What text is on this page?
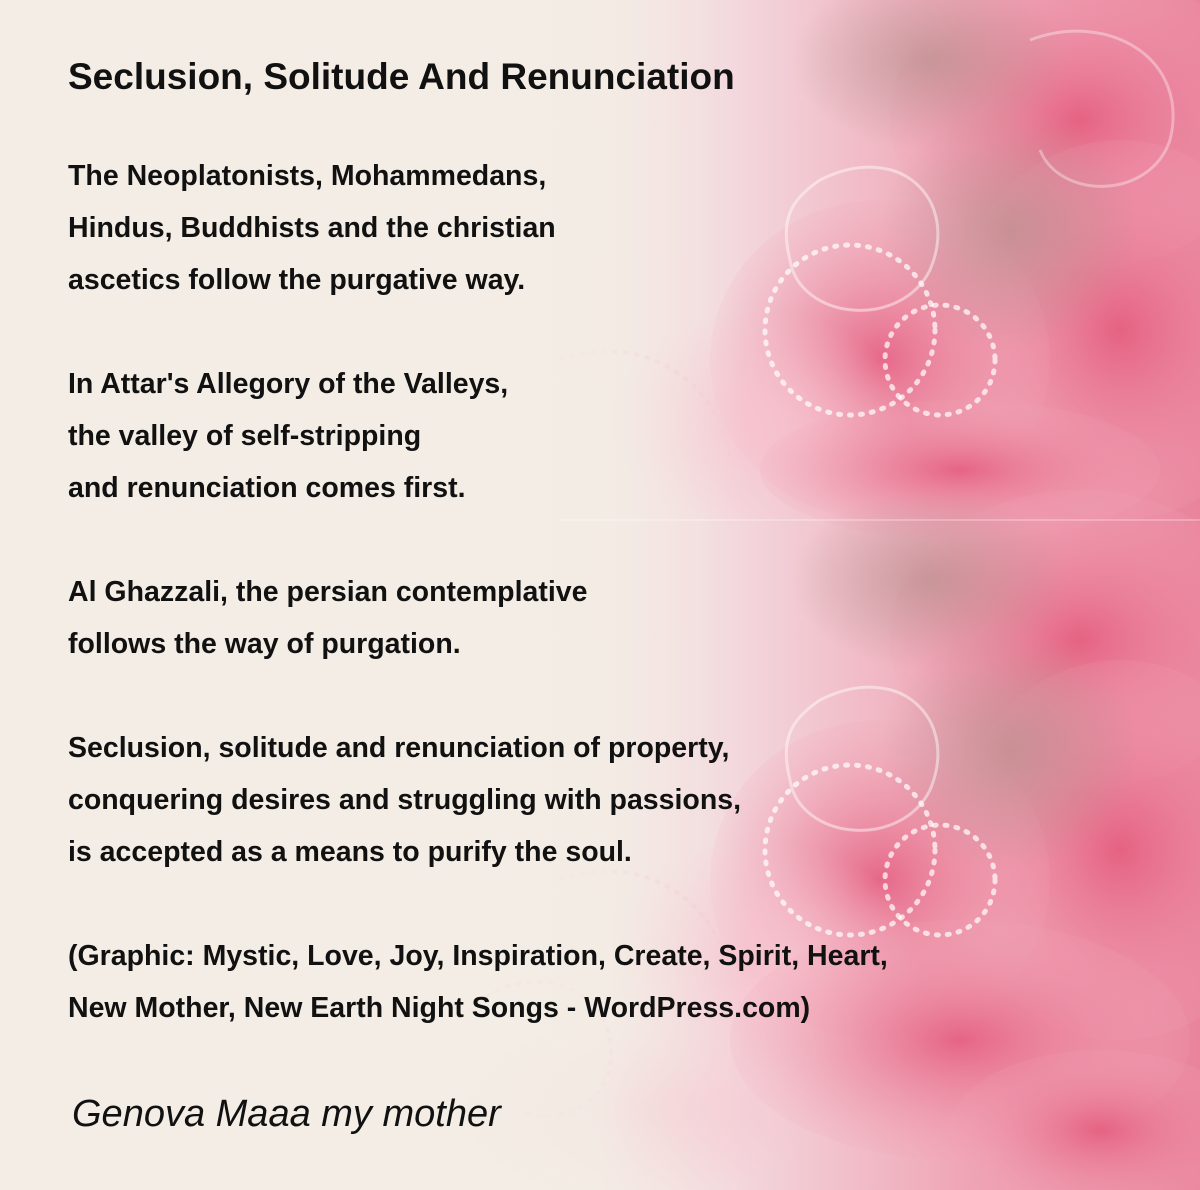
Seclusion, Solitude And Renunciation

The Neoplatonists, Mohammedans,
Hindus, Buddhists and the christian
ascetics follow the purgative way.

In Attar's Allegory of the Valleys,
the valley of self-stripping
and renunciation comes first.

Al Ghazzali, the persian contemplative
follows the way of purgation.

Seclusion, solitude and renunciation of property,
conquering desires and struggling with passions,
is accepted as a means to purify the soul.

(Graphic: Mystic, Love, Joy, Inspiration, Create, Spirit, Heart,
New Mother, New Earth Night Songs - WordPress.com)

Genova Maaa my mother
